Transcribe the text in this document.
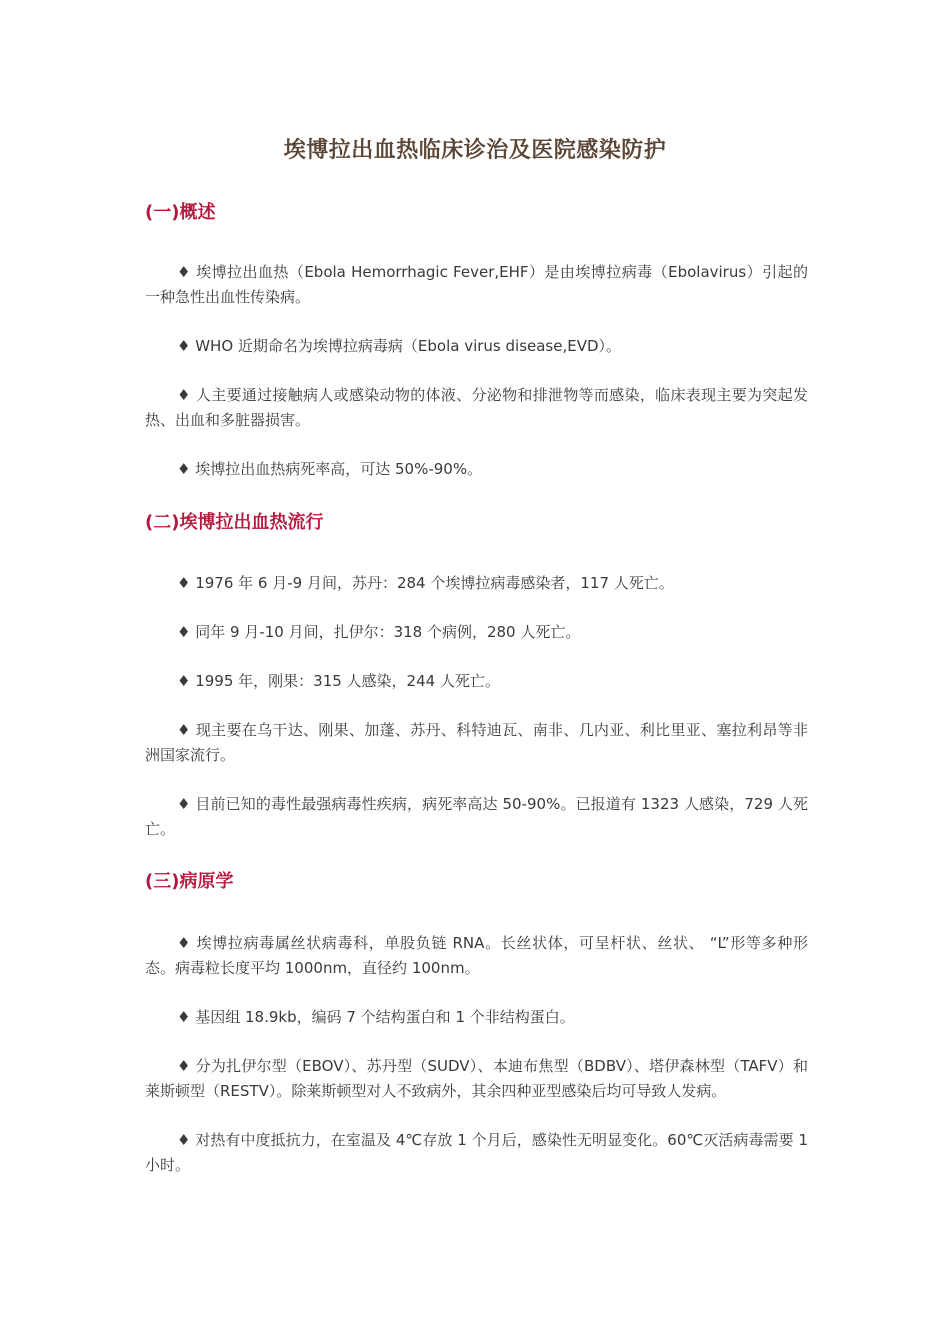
埃博拉出血热临床诊治及医院感染防护
(一)概述

♦ 埃博拉出血热（Ebola Hemorrhagic Fever,EHF）是由埃博拉病毒（Ebolavirus）引起的一种急性出血性传染病。

♦ WHO 近期命名为埃博拉病毒病（Ebola virus disease,EVD）。

♦ 人主要通过接触病人或感染动物的体液、分泌物和排泄物等而感染，临床表现主要为突起发热、出血和多脏器损害。

♦ 埃博拉出血热病死率高，可达 50%-90%。

(二)埃博拉出血热流行

♦ 1976 年 6 月-9 月间，苏丹：284 个埃博拉病毒感染者，117 人死亡。

♦ 同年 9 月-10 月间，扎伊尔：318 个病例，280 人死亡。

♦ 1995 年，刚果：315 人感染，244 人死亡。

♦ 现主要在乌干达、刚果、加蓬、苏丹、科特迪瓦、南非、几内亚、利比里亚、塞拉利昂等非洲国家流行。

♦ 目前已知的毒性最强病毒性疾病，病死率高达 50-90%。已报道有 1323 人感染，729 人死亡。

(三)病原学

♦ 埃博拉病毒属丝状病毒科，单股负链 RNA。长丝状体，可呈杆状、丝状、 “L”形等多种形态。病毒粒长度平均 1000nm，直径约 100nm。

♦ 基因组 18.9kb，编码 7 个结构蛋白和 1 个非结构蛋白。

♦ 分为扎伊尔型（EBOV）、苏丹型（SUDV）、本迪布焦型（BDBV）、塔伊森林型（TAFV）和莱斯顿型（RESTV）。除莱斯顿型对人不致病外，其余四种亚型感染后均可导致人发病。

♦ 对热有中度抵抗力，在室温及 4℃存放 1 个月后，感染性无明显变化。60℃灭活病毒需要 1 小时。
